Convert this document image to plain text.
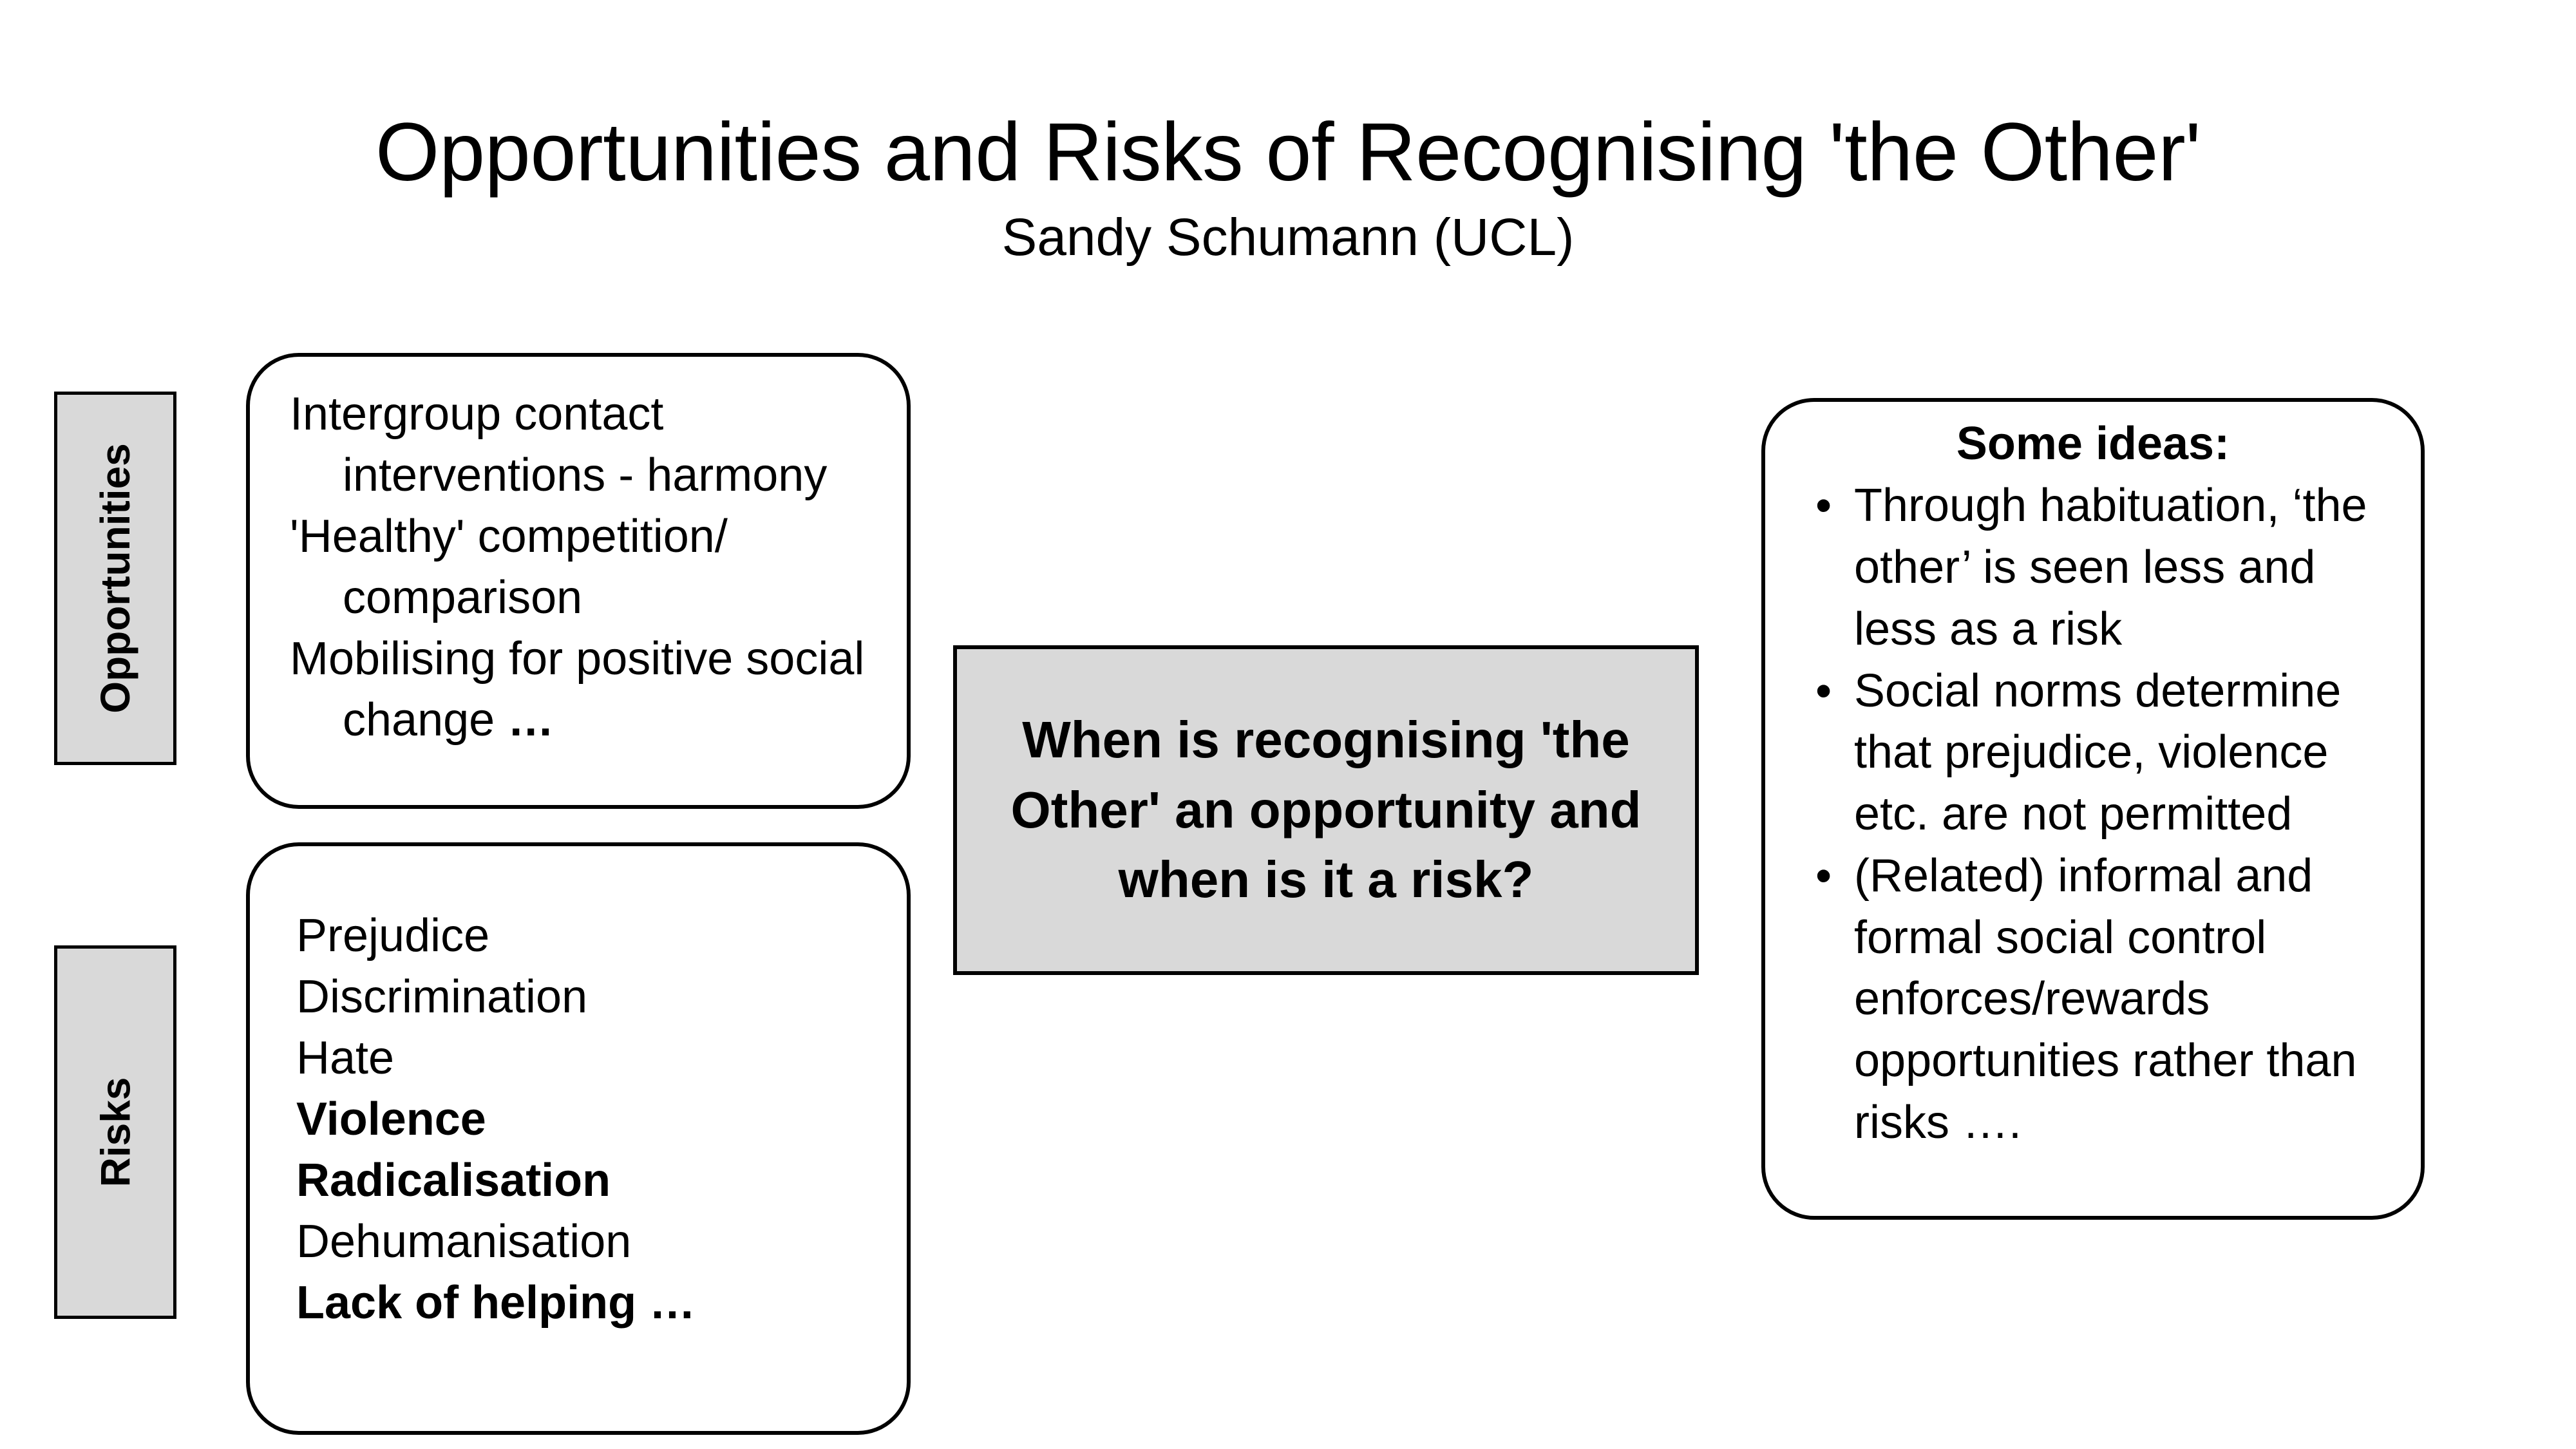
Opportunities and Risks of Recognising 'the Other'
Sandy Schumann (UCL)
Opportunities
Risks
Intergroup contact interventions - harmony
'Healthy' competition/ comparison
Mobilising for positive social change …
Prejudice
Discrimination
Hate
Violence
Radicalisation
Dehumanisation
Lack of helping …
When is recognising 'the Other' an opportunity and when is it a risk?
Some ideas:
• Through habituation, ‘the other’ is seen less and less as a risk
• Social norms determine that prejudice, violence etc. are not permitted
• (Related) informal and formal social control enforces/rewards opportunities rather than risks ….
